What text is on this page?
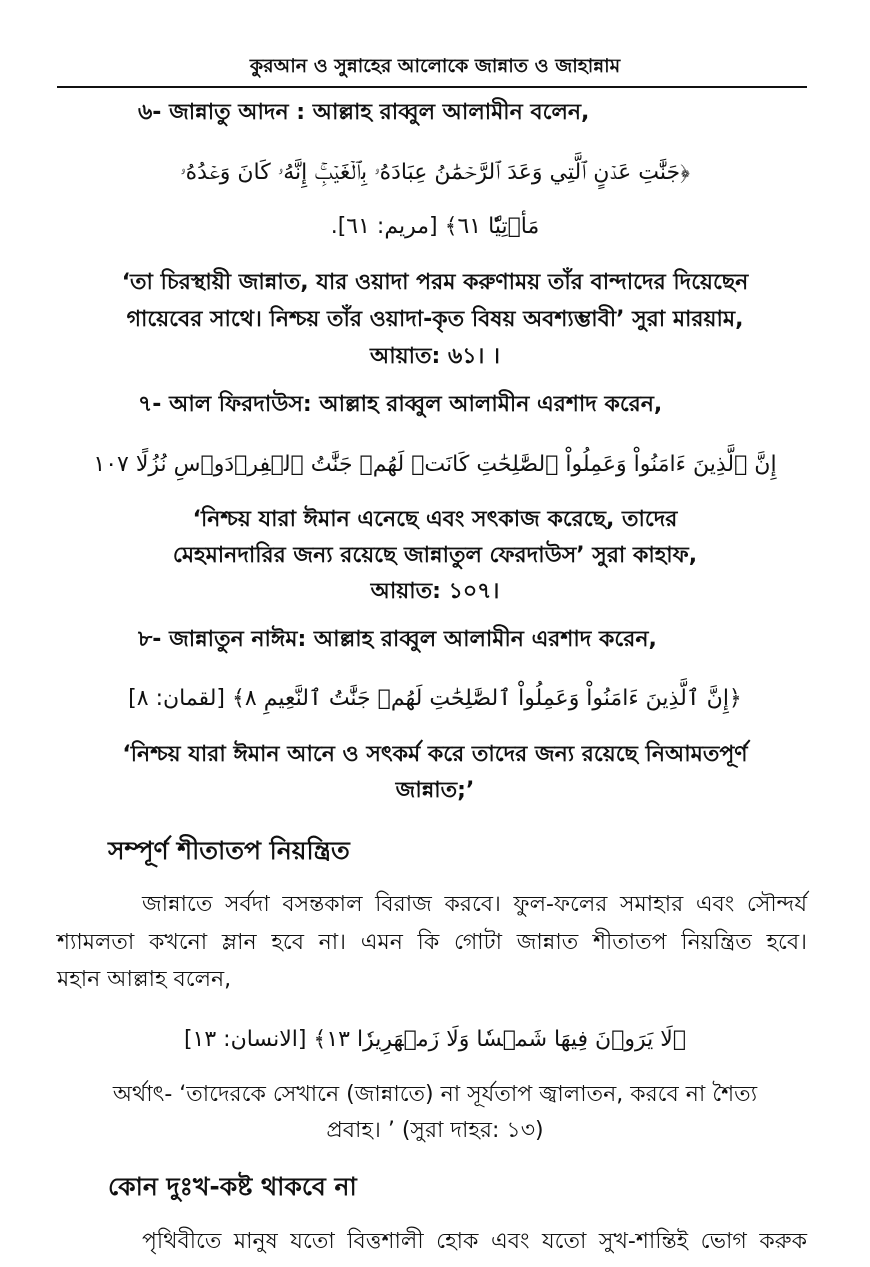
কুরআন ও সুন্নাহের আলোকে জান্নাত ও জাহান্নাম
৬- জান্নাতু আদন : আল্লাহ রাব্বুল আলামীন বলেন,
﴿جَنَّٰتِ عَدۡنٍ ٱلَّتِي وَعَدَ ٱلرَّحۡمَٰنُ عِبَادَهُۥ بِٱلۡغَيۡبِۚ إِنَّهُۥ كَانَ وَعۡدُهُۥ
مَأۡتِيّٗا ٦١﴾ [مريم: ٦١].
‘তা চিরস্থায়ী জান্নাত, যার ওয়াদা পরম করুণাময় তাঁর বান্দাদের দিয়েছেন
গায়েবের সাথে। নিশ্চয় তাঁর ওয়াদা-কৃত বিষয় অবশ্যম্ভাবী’ সুরা মারয়াম,
আয়াত: ৬১। ।
৭- আল ফিরদাউস: আল্লাহ রাব্বুল আলামীন এরশাদ করেন,
إِنَّ ٱلَّذِينَ ءَامَنُواْ وَعَمِلُواْ ٱلصَّٰلِحَٰتِ كَانَتۡ لَهُمۡ جَنَّٰتُ ٱلۡفِرۡدَوۡسِ نُزُلًا ١٠٧
‘নিশ্চয় যারা ঈমান এনেছে এবং সৎকাজ করেছে, তাদের
মেহমানদারির জন্য রয়েছে জান্নাতুল ফেরদাউস’ সুরা কাহাফ,
আয়াত: ১০৭।
৮- জান্নাতুন নাঈম: আল্লাহ রাব্বুল আলামীন এরশাদ করেন,
﴿إِنَّ ٱلَّذِينَ ءَامَنُواْ وَعَمِلُواْ ٱلصَّٰلِحَٰتِ لَهُمۡ جَنَّٰتُ ٱلنَّعِيمِ ٨﴾ [لقمان: ٨]
‘নিশ্চয় যারা ঈমান আনে ও সৎকর্ম করে তাদের জন্য রয়েছে নিআমতপূর্ণ
জান্নাত;’
সম্পূর্ণ শীতাতপ নিয়ন্ত্রিত
জান্নাতে সর্বদা বসন্তকাল বিরাজ করবে। ফুল-ফলের সমাহার এবং সৌন্দর্য
শ্যামলতা কখনো ম্লান হবে না। এমন কি গোটা জান্নাত শীতাতপ নিয়ন্ত্রিত হবে।
মহান আল্লাহ বলেন,
﴿لَا يَرَوۡنَ فِيهَا شَمۡسٗا وَلَا زَمۡهَرِيرٗا ١٣﴾ [الانسان: ١٣]
অর্থাৎ- ‘তাদেরকে সেখানে (জান্নাতে) না সূর্যতাপ জ্বালাতন, করবে না শৈত্য
প্রবাহ। ’ (সুরা দাহর: ১৩)
কোন দুঃখ-কষ্ট থাকবে না
পৃথিবীতে মানুষ যতো বিত্তশালী হোক এবং যতো সুখ-শান্তিই ভোগ করুক
